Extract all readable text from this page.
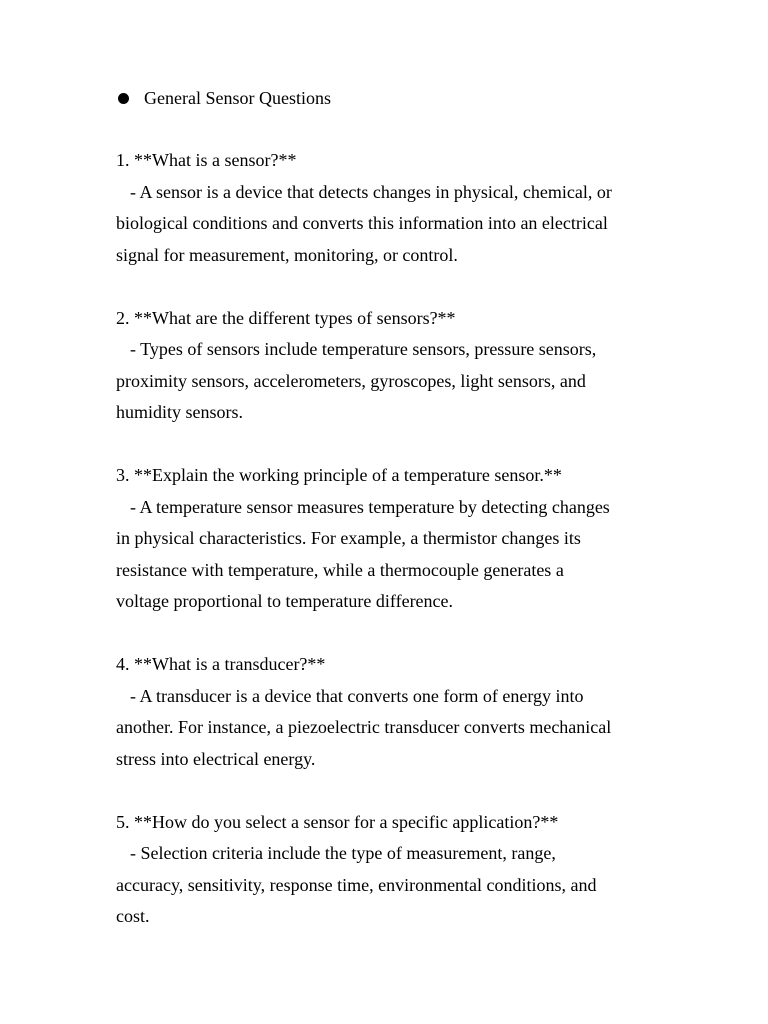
General Sensor Questions
1. **What is a sensor?**
- A sensor is a device that detects changes in physical, chemical, or
biological conditions and converts this information into an electrical
signal for measurement, monitoring, or control.
2. **What are the different types of sensors?**
- Types of sensors include temperature sensors, pressure sensors,
proximity sensors, accelerometers, gyroscopes, light sensors, and
humidity sensors.
3. **Explain the working principle of a temperature sensor.**
- A temperature sensor measures temperature by detecting changes
in physical characteristics. For example, a thermistor changes its
resistance with temperature, while a thermocouple generates a
voltage proportional to temperature difference.
4. **What is a transducer?**
- A transducer is a device that converts one form of energy into
another. For instance, a piezoelectric transducer converts mechanical
stress into electrical energy.
5. **How do you select a sensor for a specific application?**
- Selection criteria include the type of measurement, range,
accuracy, sensitivity, response time, environmental conditions, and
cost.
